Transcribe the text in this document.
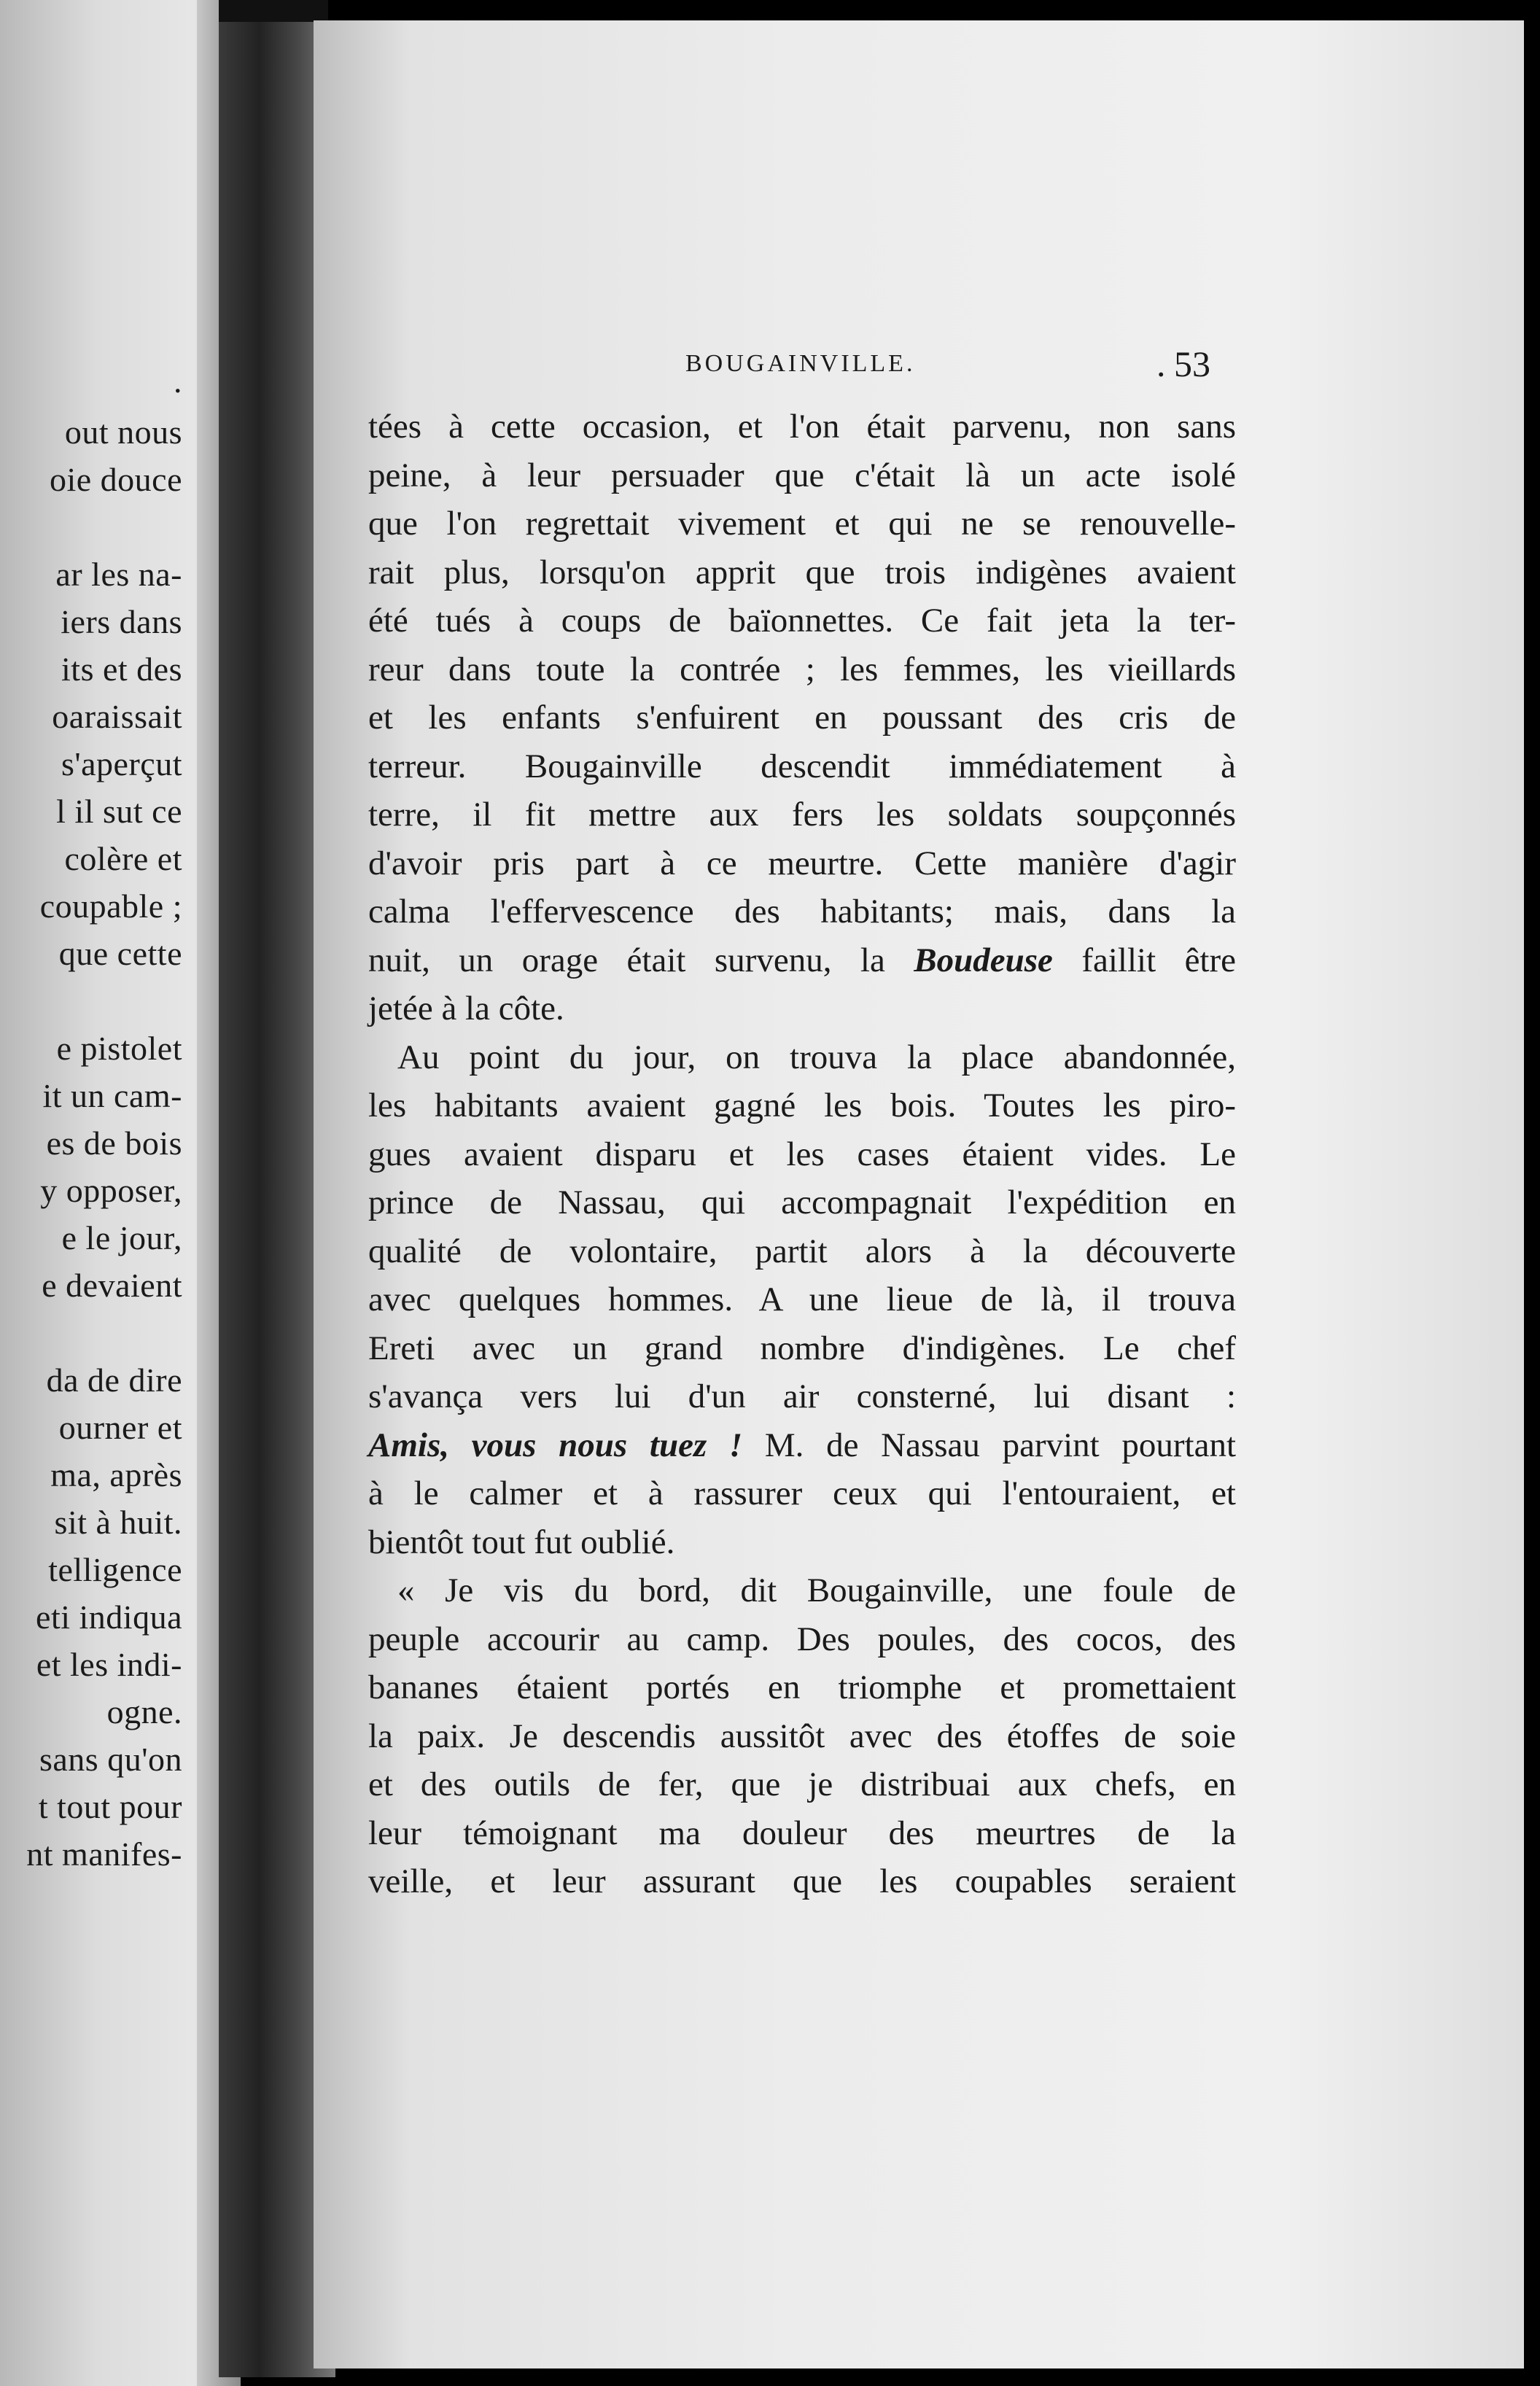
.
out nous
oie douce
ar les na-
iers dans
its et des
oaraissait
s'aperçut
l il sut ce
colère et
coupable ;
que cette
e pistolet
it un cam-
es de bois
y opposer,
e le jour,
e devaient
da de dire
ourner et
ma, après
sit à huit.
telligence
eti indiqua
et les indi-
ogne.
sans qu'on
t tout pour
nt manifes-
BOUGAINVILLE.	. 53
tées à cette occasion, et l'on était parvenu, non sans
peine, à leur persuader que c'était là un acte isolé
que l'on regrettait vivement et qui ne se renouvelle-
rait plus, lorsqu'on apprit que trois indigènes avaient
été tués à coups de baïonnettes. Ce fait jeta la ter-
reur dans toute la contrée ; les femmes, les vieillards
et les enfants s'enfuirent en poussant des cris de
terreur. Bougainville descendit immédiatement à
terre, il fit mettre aux fers les soldats soupçonnés
d'avoir pris part à ce meurtre. Cette manière d'agir
calma l'effervescence des habitants; mais, dans la
nuit, un orage était survenu, la Boudeuse faillit être
jetée à la côte.
Au point du jour, on trouva la place abandonnée,
les habitants avaient gagné les bois. Toutes les piro-
gues avaient disparu et les cases étaient vides. Le
prince de Nassau, qui accompagnait l'expédition en
qualité de volontaire, partit alors à la découverte
avec quelques hommes. A une lieue de là, il trouva
Ereti avec un grand nombre d'indigènes. Le chef
s'avança vers lui d'un air consterné, lui disant :
Amis, vous nous tuez ! M. de Nassau parvint pourtant
à le calmer et à rassurer ceux qui l'entouraient, et
bientôt tout fut oublié.
« Je vis du bord, dit Bougainville, une foule de
peuple accourir au camp. Des poules, des cocos, des
bananes étaient portés en triomphe et promettaient
la paix. Je descendis aussitôt avec des étoffes de soie
et des outils de fer, que je distribuai aux chefs, en
leur témoignant ma douleur des meurtres de la
veille, et leur assurant que les coupables seraient
